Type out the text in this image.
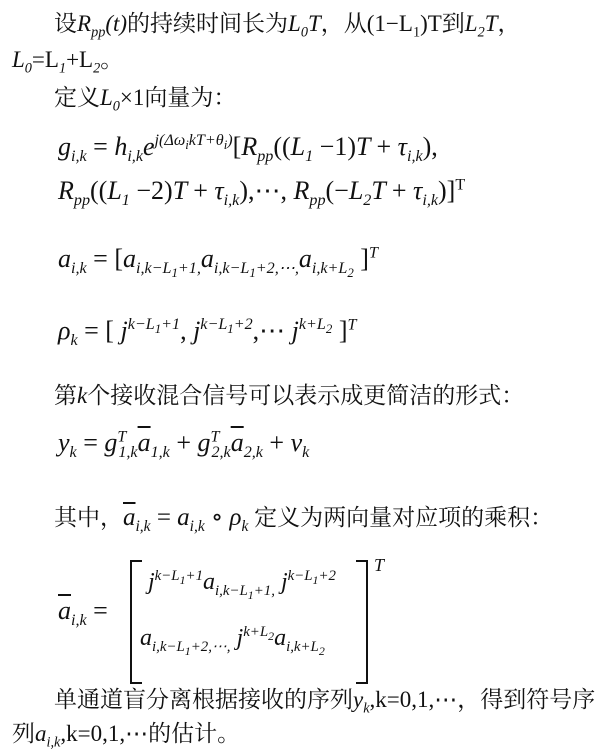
设$R_{pp}(t)$的持续时间长为$L_0T$，从$(1-L_1)T$到$L_2T$，
$L_0=L_1+L_2$。
定义$L_0\times 1$向量为：
$g_{i,k} = h_{i,k}e^{j(\Delta\omega_ikT+\theta_i)}[R_{pp}((L_1 -1)T + \tau_{i,k})$,
$R_{pp}((L_1 -2)T$ + $\tau_{i,k}),\cdots$, $R_{pp}(-L_2T + \tau_{i,k})]^T$
$a_{i,k} = [a_{i,k-L_1+1,}a_{i,k-L_1+2,\cdots,}a_{i,k+L_2}$ ]$^T$
$\rho_k$ = [ $j^{k-L_1+1}$, $j^{k-L_1+2},\cdots$ $j^{k+L_2}$ ]$^T$
第k个接收混合信号可以表示成更简洁的形式：
$y_k = g^T_{1,k}\overline{a}_{1,k} + g^T_{2,k}\overline{a}_{2,k} + \nu_k$
其中，$\overline{a}_{i,k} = a_{i,k}$ ∘ $\rho_k$ 定义为两向量对应项的乘积：
$\overline{a}_{i,k}$ =
$j^{k-L_1+1}a_{i,k-L_1+1,}$ $j^{k-L_1+2}$
$a_{i,k-L_1+2,\cdots,}$ $j^{k+L_2}a_{i,k+L_2}$
T
单通道盲分离根据接收的序列$y_k,k=0,1,\cdots$，得到符号序
列$a_{i,k},k=0,1,\cdots$的估计。
